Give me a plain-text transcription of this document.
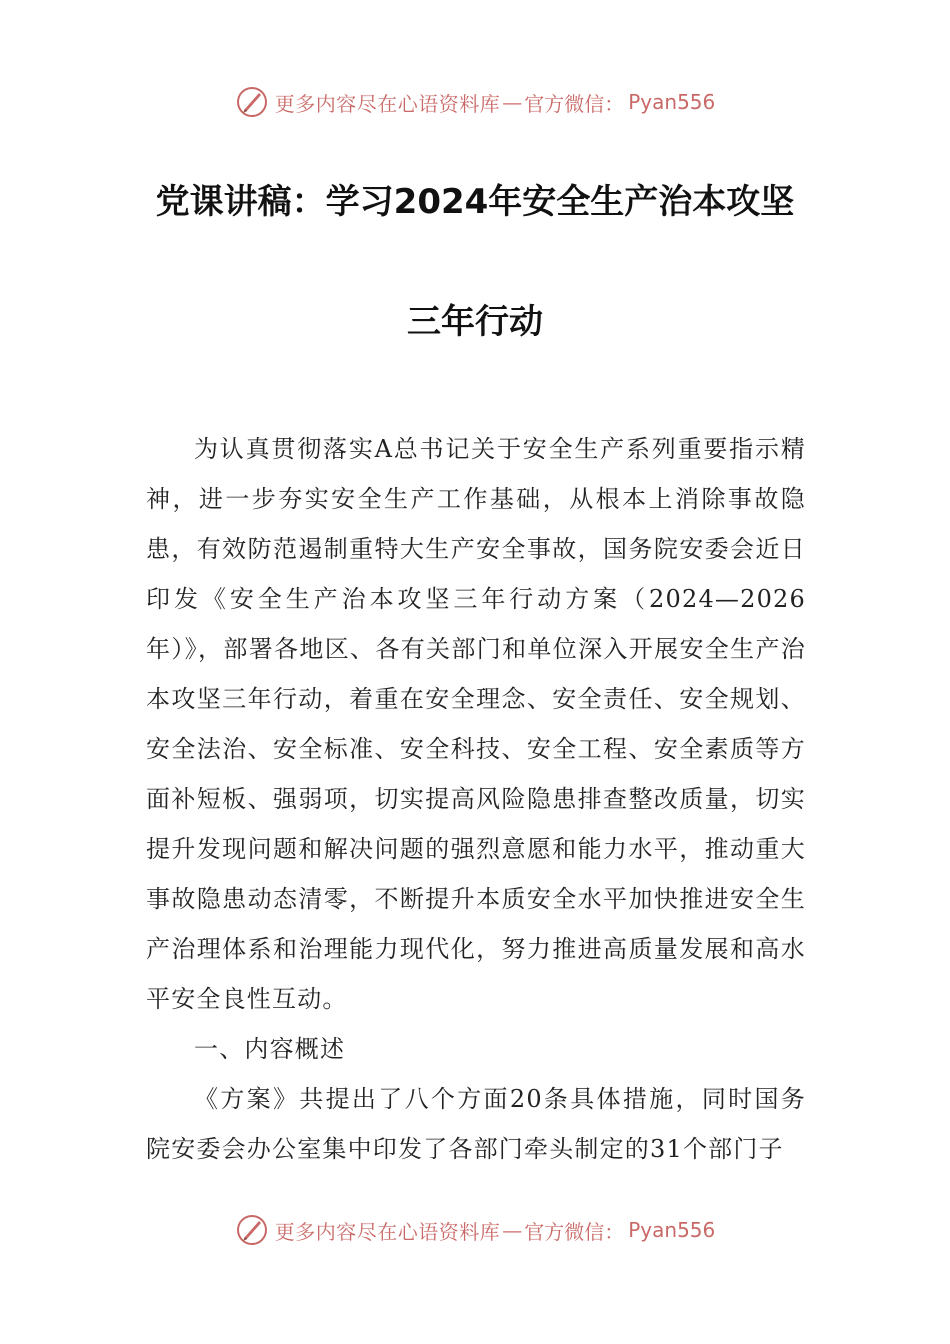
更多内容尽在心语资料库 — 官方微信： Pyan556
党课讲稿：学习2024年安全生产治本攻坚
三年行动

为认真贯彻落实A总书记关于安全生产系列重要指示精神，进一步夯实安全生产工作基础，从根本上消除事故隐患，有效防范遏制重特大生产安全事故，国务院安委会近日印发《安全生产治本攻坚三年行动方案（2024—2026年）》，部署各地区、各有关部门和单位深入开展安全生产治本攻坚三年行动，着重在安全理念、安全责任、安全规划、安全法治、安全标准、安全科技、安全工程、安全素质等方面补短板、强弱项，切实提高风险隐患排查整改质量，切实提升发现问题和解决问题的强烈意愿和能力水平，推动重大事故隐患动态清零，不断提升本质安全水平加快推进安全生产治理体系和治理能力现代化，努力推进高质量发展和高水平安全良性互动。

一、内容概述

《方案》共提出了八个方面20条具体措施，同时国务院安委会办公室集中印发了各部门牵头制定的31个部门子

更多内容尽在心语资料库 — 官方微信： Pyan556
